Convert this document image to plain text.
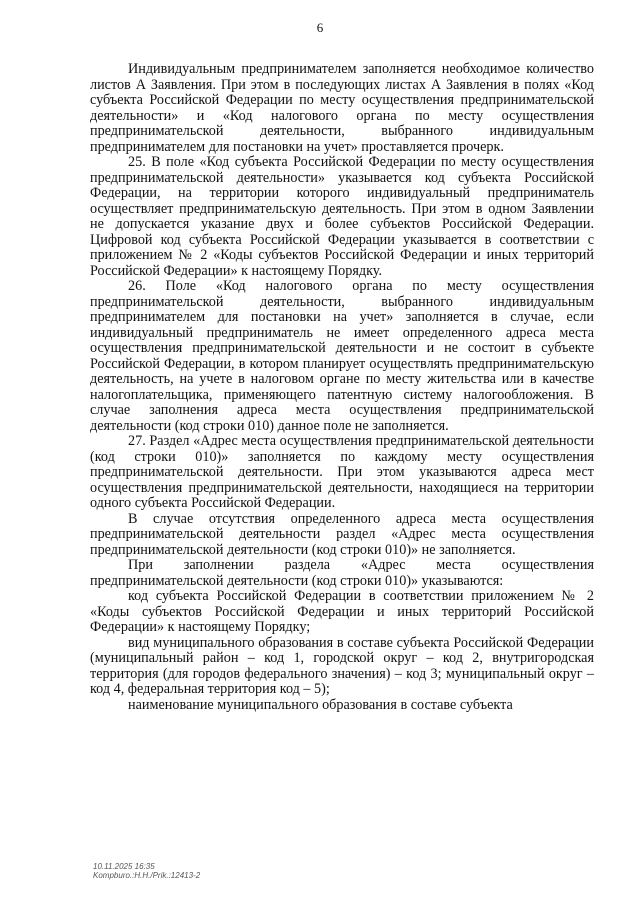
6

Индивидуальным предпринимателем заполняется необходимое количество листов А Заявления. При этом в последующих листах А Заявления в полях «Код субъекта Российской Федерации по месту осуществления предпринимательской деятельности» и «Код налогового органа по месту осуществления предпринимательской деятельности, выбранного индивидуальным предпринимателем для постановки на учет» проставляется прочерк.

25. В поле «Код субъекта Российской Федерации по месту осуществления предпринимательской деятельности» указывается код субъекта Российской Федерации, на территории которого индивидуальный предприниматель осуществляет предпринимательскую деятельность. При этом в одном Заявлении не допускается указание двух и более субъектов Российской Федерации. Цифровой код субъекта Российской Федерации указывается в соответствии с приложением № 2 «Коды субъектов Российской Федерации и иных территорий Российской Федерации» к настоящему Порядку.

26. Поле «Код налогового органа по месту осуществления предпринимательской деятельности, выбранного индивидуальным предпринимателем для постановки на учет» заполняется в случае, если индивидуальный предприниматель не имеет определенного адреса места осуществления предпринимательской деятельности и не состоит в субъекте Российской Федерации, в котором планирует осуществлять предпринимательскую деятельность, на учете в налоговом органе по месту жительства или в качестве налогоплательщика, применяющего патентную систему налогообложения. В случае заполнения адреса места осуществления предпринимательской деятельности (код строки 010) данное поле не заполняется.

27. Раздел «Адрес места осуществления предпринимательской деятельности (код строки 010)» заполняется по каждому месту осуществления предпринимательской деятельности. При этом указываются адреса мест осуществления предпринимательской деятельности, находящиеся на территории одного субъекта Российской Федерации.

В случае отсутствия определенного адреса места осуществления предпринимательской деятельности раздел «Адрес места осуществления предпринимательской деятельности (код строки 010)» не заполняется.

При заполнении раздела «Адрес места осуществления предпринимательской деятельности (код строки 010)» указываются:

код субъекта Российской Федерации в соответствии приложением № 2 «Коды субъектов Российской Федерации и иных территорий Российской Федерации» к настоящему Порядку;

вид муниципального образования в составе субъекта Российской Федерации (муниципальный район – код 1, городской округ – код 2, внутригородская территория (для городов федерального значения) – код 3; муниципальный округ – код 4, федеральная территория код – 5);

наименование муниципального образования в составе субъекта

10.11.2025 16:35
Kompburo.:H.H./Prik.:12413-2
